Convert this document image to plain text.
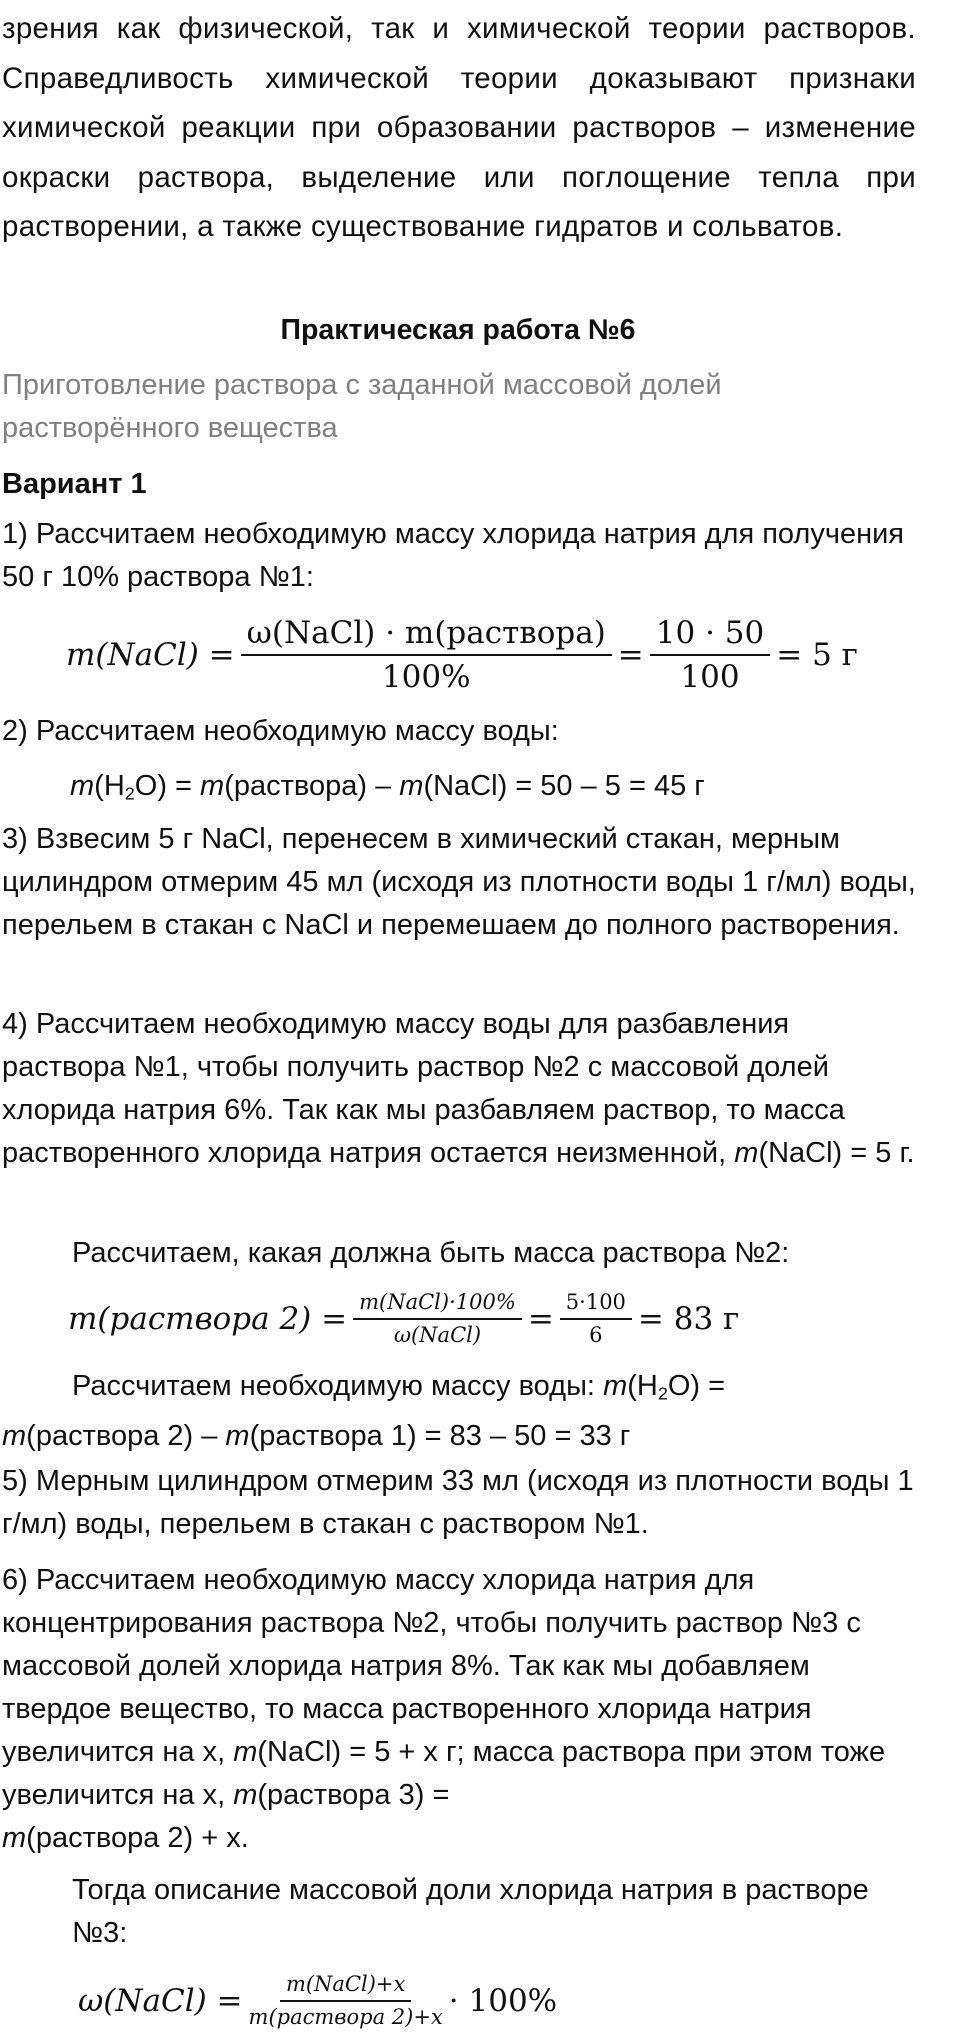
зрения как физической, так и химической теории растворов. Справедливость химической теории доказывают признаки химической реакции при образовании растворов – изменение окраски раствора, выделение или поглощение тепла при растворении, а также существование гидратов и сольватов.
Практическая работа №6
Приготовление раствора с заданной массовой долей растворённого вещества
Вариант 1
1) Рассчитаем необходимую массу хлорида натрия для получения 50 г 10% раствора №1:
m(NaCl) = $\frac{\text{ω(NaCl) · m(раствора)}}{100\%} = \frac{10 \cdot 50}{100} = 5$ г
2) Рассчитаем необходимую массу воды:
$m(H_2O)$ = m(раствора) – m(NaCl) = 50 – 5 = 45 г
3) Взвесим 5 г NaCl, перенесем в химический стакан, мерным цилиндром отмерим 45 мл (исходя из плотности воды 1 г/мл) воды, перельем в стакан с NaCl и перемешаем до полного растворения.
4) Рассчитаем необходимую массу воды для разбавления раствора №1, чтобы получить раствор №2 с массовой долей хлорида натрия 6%. Так как мы разбавляем раствор, то масса растворенного хлорида натрия остается неизменной, m(NaCl) = 5 г.
Рассчитаем, какая должна быть масса раствора №2:
m(раствора $2) = \frac{\text{m(NaCl)·100\%}}{\text{ω(NaCl)}} = \frac{5\cdot 100}{6} = 83$ г
Рассчитаем необходимую массу воды: $m(H_2O)$ =
m(раствора 2) – m(раствора 1) = 83 – 50 = 33 г
5) Мерным цилиндром отмерим 33 мл (исходя из плотности воды 1 г/мл) воды, перельем в стакан с раствором №1.
6) Рассчитаем необходимую массу хлорида натрия для концентрирования раствора №2, чтобы получить раствор №3 с массовой долей хлорида натрия 8%. Так как мы добавляем твердое вещество, то масса растворенного хлорида натрия увеличится на x, m(NaCl) = 5 + x г; масса раствора при этом тоже увеличится на x, m(раствора 3) =
m(раствора 2) + x.
Тогда описание массовой доли хлорида натрия в растворе №3:
ω(NaCl) = $\frac{\text{m(NaCl)+x}}{\text{m(раствора 2)+x}} \cdot 100\%$
